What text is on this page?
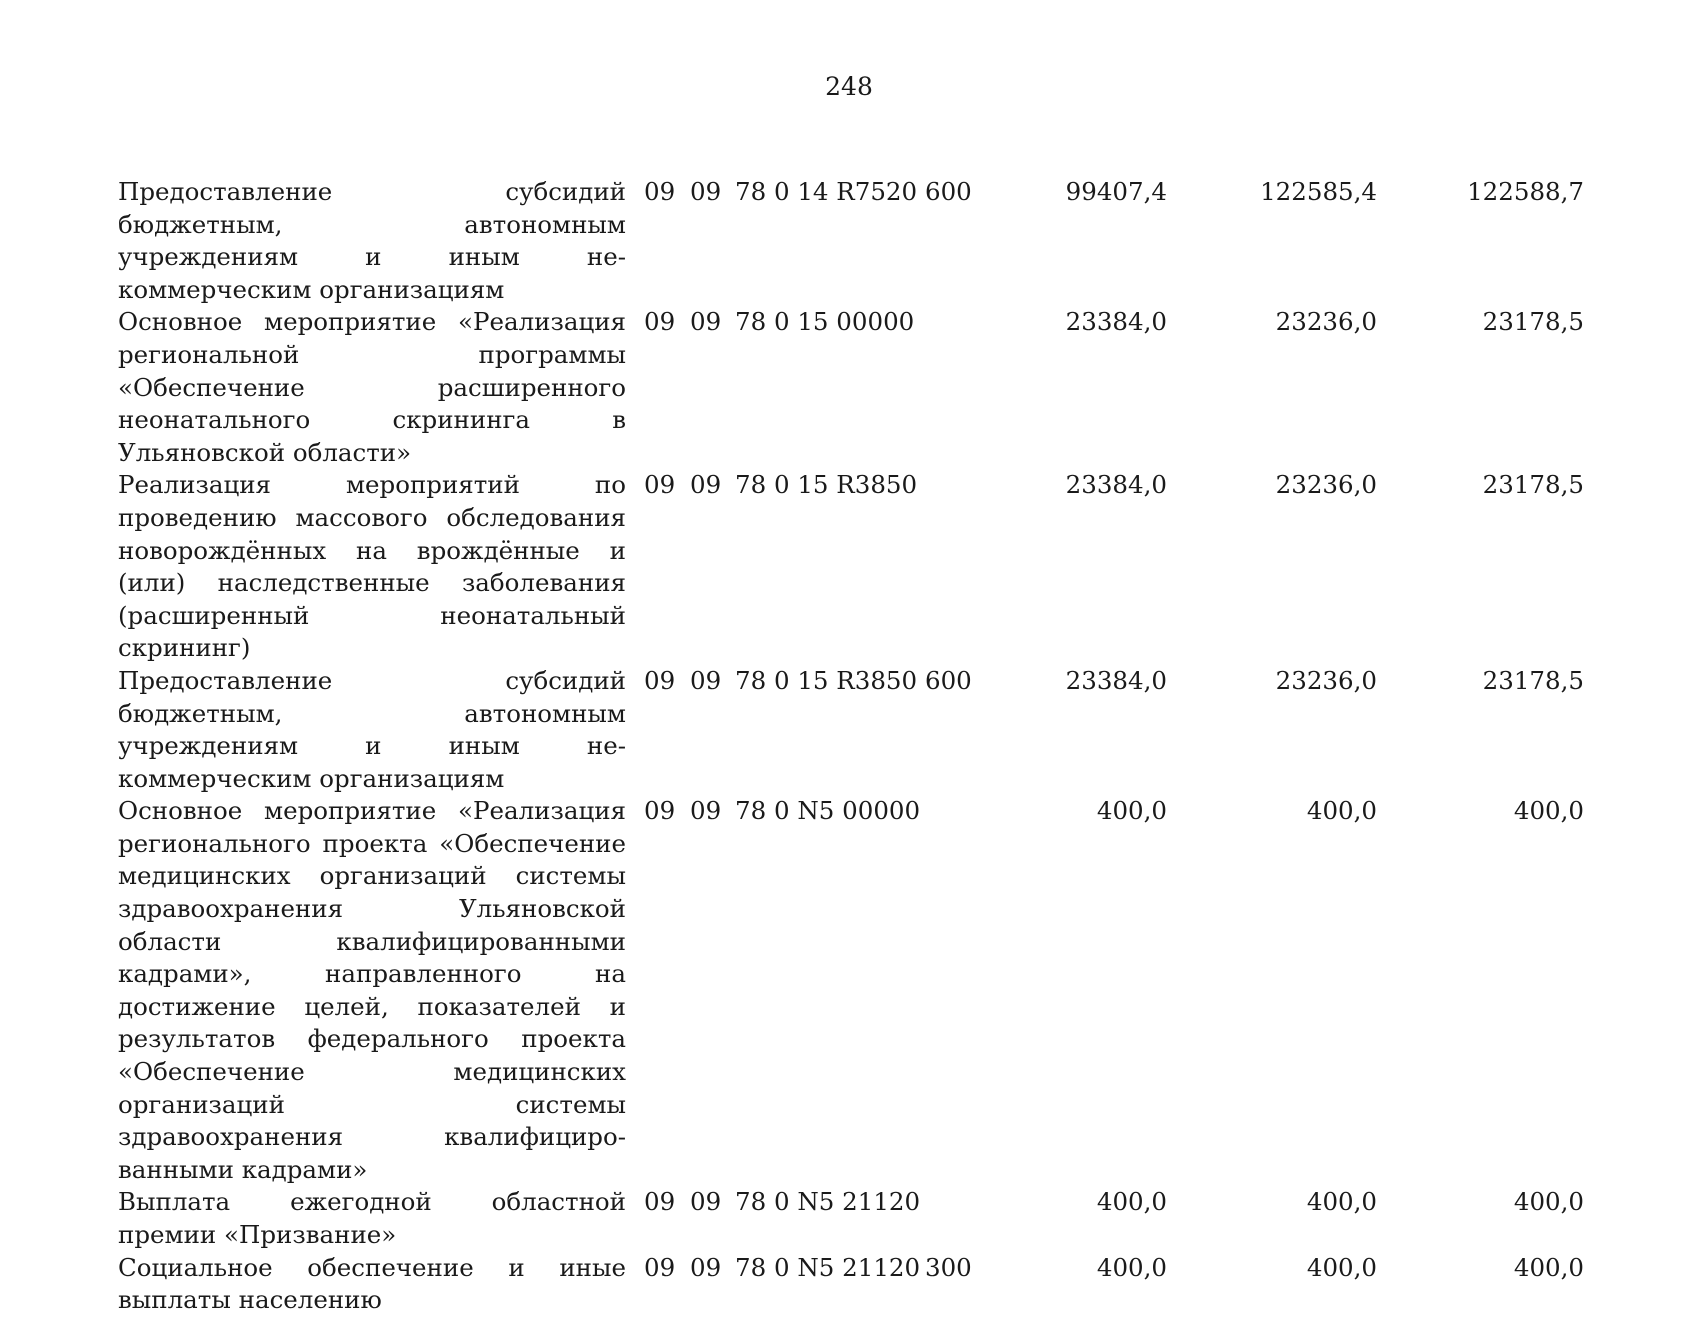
248
Предоставление субсидий бюджетным, автономным учреждениям и иным некоммерческим организациям	09	09	78 0 14 R7520	600	99407,4	122585,4	122588,7
Основное мероприятие «Реализация региональной программы «Обеспечение расширенного неонатального скрининга в Ульяновской области»	09	09	78 0 15 00000		23384,0	23236,0	23178,5
Реализация мероприятий по проведению массового обследования новорождённых на врождённые и (или) наследственные заболевания (расширенный неонатальный скрининг)	09	09	78 0 15 R3850		23384,0	23236,0	23178,5
Предоставление субсидий бюджетным, автономным учреждениям и иным некоммерческим организациям	09	09	78 0 15 R3850	600	23384,0	23236,0	23178,5
Основное мероприятие «Реализация регионального проекта «Обеспечение медицинских организаций системы здравоохранения Ульяновской области квалифицированными кадрами», направленного на достижение целей, показателей и результатов федерального проекта «Обеспечение медицинских организаций системы здравоохранения квалифицированными кадрами»	09	09	78 0 N5 00000		400,0	400,0	400,0
Выплата ежегодной областной премии «Призвание»	09	09	78 0 N5 21120		400,0	400,0	400,0
Социальное обеспечение и иные выплаты населению	09	09	78 0 N5 21120	300	400,0	400,0	400,0
